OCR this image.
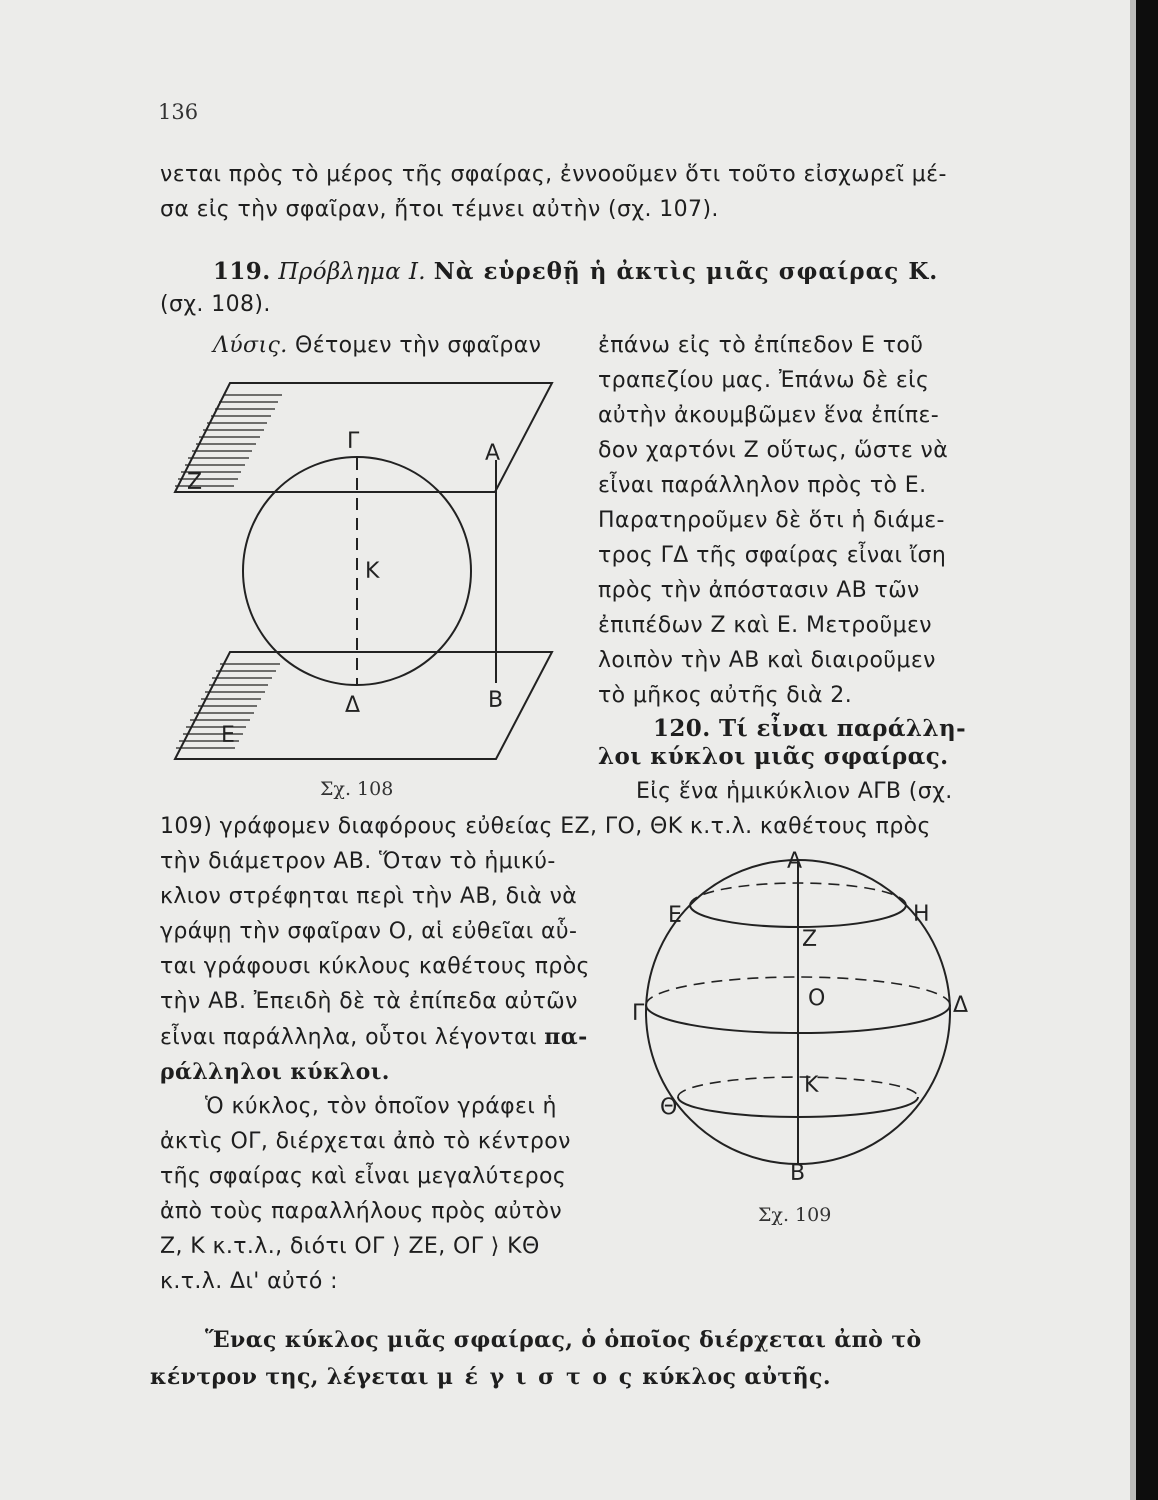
136
νεται πρὸς τὸ μέρος τῆς σφαίρας, ἐννοοῦμεν ὅτι τοῦτο εἰσχωρεῖ μέ-
σα εἰς τὴν σφαῖραν, ἤτοι τέμνει αὐτὴν (σχ. 107).
119. Πρόβλημα I. Νὰ εὑρεθῇ ἡ ἀκτὶς μιᾶς σφαίρας Κ.
(σχ. 108).
Λύσις. Θέτομεν τὴν σφαῖραν	ἐπάνω εἰς τὸ ἐπίπεδον Ε τοῦ
τραπεζίου μας. Ἐπάνω δὲ εἰς
αὐτὴν ἀκουμβῶμεν ἕνα ἐπίπε-
δον χαρτόνι Ζ οὕτως, ὥστε νὰ
εἶναι παράλληλον πρὸς τὸ Ε.
Παρατηροῦμεν δὲ ὅτι ἡ διάμε-
τρος ΓΔ τῆς σφαίρας εἶναι ἴση
πρὸς τὴν ἀπόστασιν ΑΒ τῶν
ἐπιπέδων Ζ καὶ Ε. Μετροῦμεν
λοιπὸν τὴν ΑΒ καὶ διαιροῦμεν
τὸ μῆκος αὐτῆς διὰ 2.
120. Τί εἶναι παράλλη-
λοι κύκλοι μιᾶς σφαίρας.
Εἰς ἕνα ἡμικύκλιον ΑΓΒ (σχ.
109) γράφομεν διαφόρους εὐθείας ΕΖ, ΓΟ, ΘΚ κ.τ.λ. καθέτους πρὸς
τὴν διάμετρον ΑΒ. Ὅταν τὸ ἡμικύ-
κλιον στρέφηται περὶ τὴν ΑΒ, διὰ νὰ
γράψῃ τὴν σφαῖραν Ο, αἱ εὐθεῖαι αὗ-
ται γράφουσι κύκλους καθέτους πρὸς
τὴν ΑΒ. Ἐπειδὴ δὲ τὰ ἐπίπεδα αὐτῶν
εἶναι παράλληλα, οὗτοι λέγονται πα-
ράλληλοι κύκλοι.
Ὁ κύκλος, τὸν ὁποῖον γράφει ἡ
ἀκτὶς ΟΓ, διέρχεται ἀπὸ τὸ κέντρον
τῆς σφαίρας καὶ εἶναι μεγαλύτερος
ἀπὸ τοὺς παραλλήλους πρὸς αὐτὸν
Ζ, Κ κ.τ.λ., διότι ΟΓ ⟩ ΖΕ, ΟΓ ⟩ ΚΘ
κ.τ.λ. Δι' αὐτό :
Ἕνας κύκλος μιᾶς σφαίρας, ὁ ὁποῖος διέρχεται ἀπὸ τὸ
κέντρον της, λέγεται μ έ γ ι σ τ ο ς κύκλος αὐτῆς.
Γ	Α
Ζ
Κ
Δ	Β
Ε
Σχ. 108
Α
Ε	Η
Ζ
Γ
Ο	Δ
Θ
Κ
Β
Σχ. 109
